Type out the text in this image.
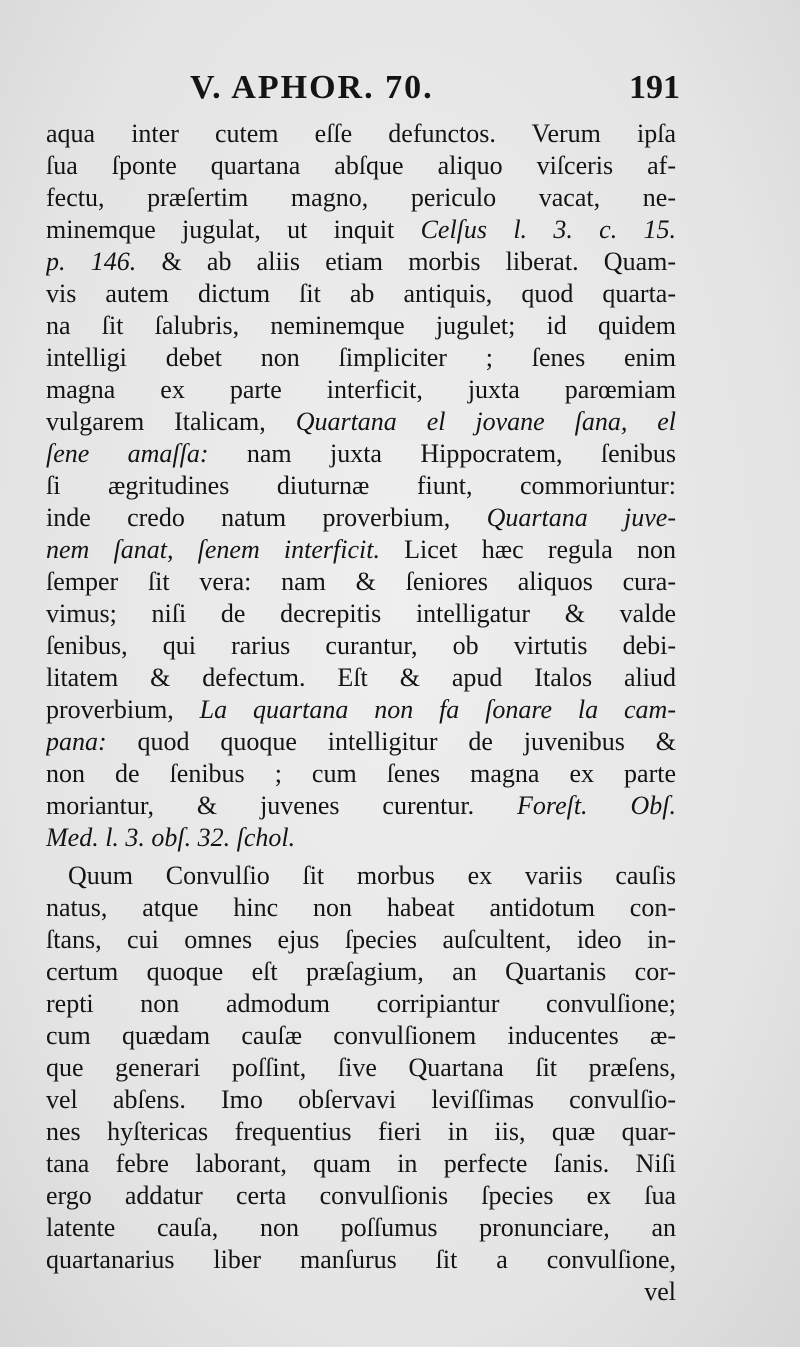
V. APHOR. 70.	191
aqua inter cutem eſſe defunctos. Verum ipſa
ſua ſponte quartana abſque aliquo viſceris af-
fectu, præſertim magno, periculo vacat, ne-
minemque jugulat, ut inquit Celſus l. 3. c. 15.
p. 146. & ab aliis etiam morbis liberat. Quam-
vis autem dictum ſit ab antiquis, quod quarta-
na ſit ſalubris, neminemque jugulet; id quidem
intelligi debet non ſimpliciter ; ſenes enim
magna ex parte interficit, juxta parœmiam
vulgarem Italicam, Quartana el jovane ſana, el
ſene amaſſa: nam juxta Hippocratem, ſenibus
ſi ægritudines diuturnæ fiunt, commoriuntur:
inde credo natum proverbium, Quartana juve-
nem ſanat, ſenem interficit. Licet hæc regula non
ſemper ſit vera: nam & ſeniores aliquos cura-
vimus; niſi de decrepitis intelligatur & valde
ſenibus, qui rarius curantur, ob virtutis debi-
litatem & defectum. Eſt & apud Italos aliud
proverbium, La quartana non fa ſonare la cam-
pana: quod quoque intelligitur de juvenibus &
non de ſenibus ; cum ſenes magna ex parte
moriantur, & juvenes curentur. Foreſt. Obſ.
Med. l. 3. obſ. 32. ſchol.
Quum Convulſio ſit morbus ex variis cauſis
natus, atque hinc non habeat antidotum con-
ſtans, cui omnes ejus ſpecies auſcultent, ideo in-
certum quoque eſt præſagium, an Quartanis cor-
repti non admodum corripiantur convulſione;
cum quædam cauſæ convulſionem inducentes æ-
que generari poſſint, ſive Quartana ſit præſens,
vel abſens. Imo obſervavi leviſſimas convulſio-
nes hyſtericas frequentius fieri in iis, quæ quar-
tana febre laborant, quam in perfecte ſanis. Niſi
ergo addatur certa convulſionis ſpecies ex ſua
latente cauſa, non poſſumus pronunciare, an
quartanarius liber manſurus ſit a convulſione,
vel
